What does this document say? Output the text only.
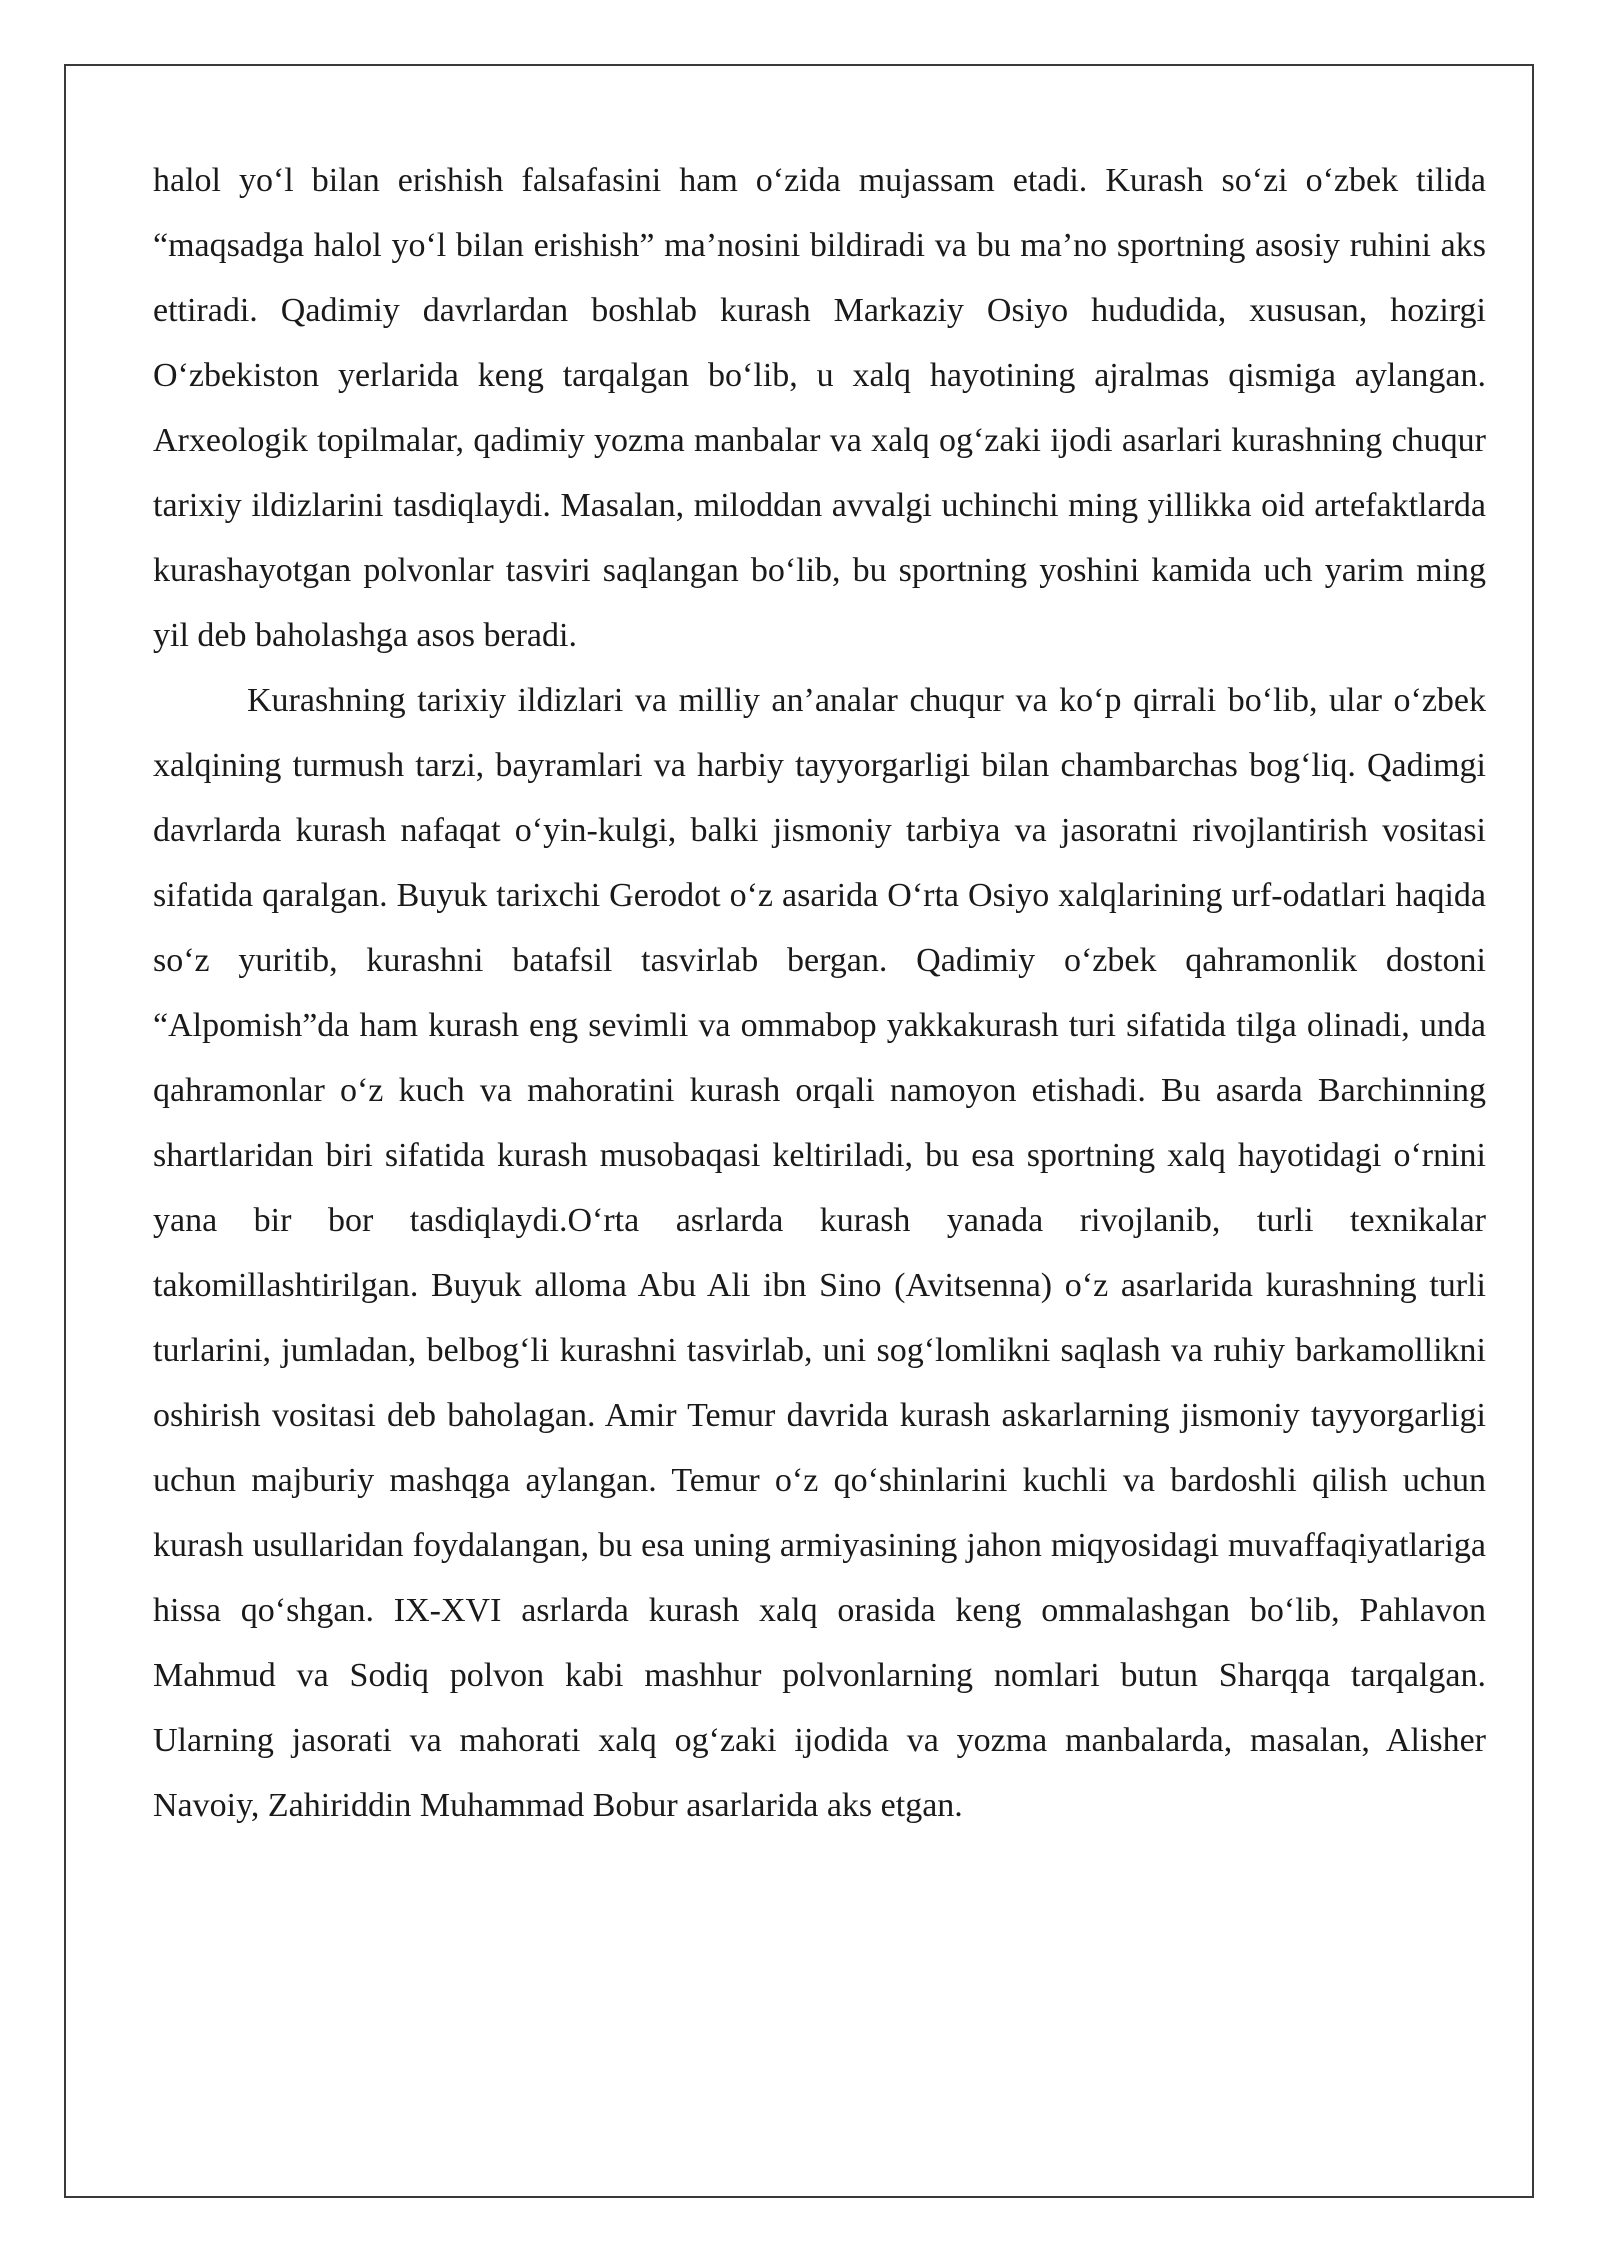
halol yo‘l bilan erishish falsafasini ham o‘zida mujassam etadi. Kurash so‘zi o‘zbek tilida “maqsadga halol yo‘l bilan erishish” ma’nosini bildiradi va bu ma’no sportning asosiy ruhini aks ettiradi. Qadimiy davrlardan boshlab kurash Markaziy Osiyo hududida, xususan, hozirgi O‘zbekiston yerlarida keng tarqalgan bo‘lib, u xalq hayotining ajralmas qismiga aylangan. Arxeologik topilmalar, qadimiy yozma manbalar va xalq og‘zaki ijodi asarlari kurashning chuqur tarixiy ildizlarini tasdiqlaydi. Masalan, miloddan avvalgi uchinchi ming yillikka oid artefaktlarda kurashayotgan polvonlar tasviri saqlangan bo‘lib, bu sportning yoshini kamida uch yarim ming yil deb baholashga asos beradi.

Kurashning tarixiy ildizlari va milliy an’analar chuqur va ko‘p qirrali bo‘lib, ular o‘zbek xalqining turmush tarzi, bayramlari va harbiy tayyorgarligi bilan chambarchas bog‘liq. Qadimgi davrlarda kurash nafaqat o‘yin-kulgi, balki jismoniy tarbiya va jasoratni rivojlantirish vositasi sifatida qaralgan. Buyuk tarixchi Gerodot o‘z asarida O‘rta Osiyo xalqlarining urf-odatlari haqida so‘z yuritib, kurashni batafsil tasvirlab bergan. Qadimiy o‘zbek qahramonlik dostoni “Alpomish”da ham kurash eng sevimli va ommabop yakkakurash turi sifatida tilga olinadi, unda qahramonlar o‘z kuch va mahoratini kurash orqali namoyon etishadi. Bu asarda Barchinning shartlaridan biri sifatida kurash musobaqasi keltiriladi, bu esa sportning xalq hayotidagi o‘rnini yana bir bor tasdiqlaydi.O‘rta asrlarda kurash yanada rivojlanib, turli texnikalar takomillashtirilgan. Buyuk alloma Abu Ali ibn Sino (Avitsenna) o‘z asarlarida kurashning turli turlarini, jumladan, belbog‘li kurashni tasvirlab, uni sog‘lomlikni saqlash va ruhiy barkamollikni oshirish vositasi deb baholagan. Amir Temur davrida kurash askarlarning jismoniy tayyorgarligi uchun majburiy mashqga aylangan. Temur o‘z qo‘shinlarini kuchli va bardoshli qilish uchun kurash usullaridan foydalangan, bu esa uning armiyasining jahon miqyosidagi muvaffaqiyatlariga hissa qo‘shgan. IX-XVI asrlarda kurash xalq orasida keng ommalashgan bo‘lib, Pahlavon Mahmud va Sodiq polvon kabi mashhur polvonlarning nomlari butun Sharqqa tarqalgan. Ularning jasorati va mahorati xalq og‘zaki ijodida va yozma manbalarda, masalan, Alisher Navoiy, Zahiriddin Muhammad Bobur asarlarida aks etgan.
